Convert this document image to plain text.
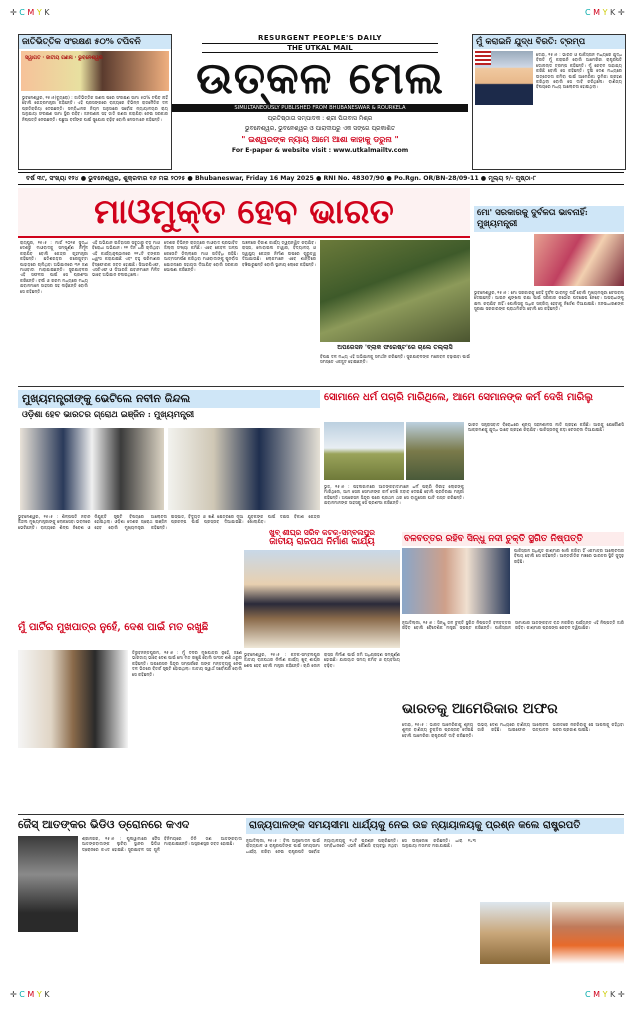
✛ C M Y K	C M Y K ✛
✛ C M Y K	C M Y K ✛
ଜାତିଭିତ୍ତିକ ସଂରକ୍ଷଣ ୫୦% ଟପିବନି
ସ୍ୱାଗତ · ଜାତୀୟ ଗଣନା · ଭୁବନେଶ୍ୱର
ଭୁବନେଶ୍ୱର, ୧୫।୫(ବ୍ୟୁରୋ) : ଜାତିଭିତ୍ତିକ ଗଣନା ପରେ ସଂରକ୍ଷଣ ସୀମା ୫୦% ଟପିବ ନାହିଁ ବୋଲି କେନ୍ଦ୍ରମନ୍ତ୍ରୀ କହିଛନ୍ତି। ଏହି ପ୍ରସଙ୍ଗରେ ରାଜ୍ୟରେ ବିଭିନ୍ନ ରାଜନୈତିକ ଦଳ ପ୍ରତିକ୍ରିୟା ଦେଇଛନ୍ତି। ସମ୍ବିଧାନର ନିୟମ ଅନୁସାରେ ସର୍ବୋଚ୍ଚ ନ୍ୟାୟାଳୟର ରାୟ ଅନୁଯାୟୀ ସଂରକ୍ଷଣ ସୀମା ସ୍ଥିର ରହିବ। ଜନଗଣନା ସହ ଜାତି ଗଣନା କରାଯିବା ନେଇ ସରକାର ନିଷ୍ପତ୍ତି ନେଇଛନ୍ତି। ପଛୁଆ ବର୍ଗଙ୍କ ପାଇଁ ସୁଯୋଗ ବଢ଼ିବ ବୋଲି ନେତାମାନେ କହିଛନ୍ତି।
RESURGENT PEOPLE'S DAILY
THE UTKAL MAIL
ଉତ୍କଳ ମେଲ
SIMULTANEOUSLY PUBLISHED FROM BHUBANESWAR & ROURKELA
ପ୍ରତିଷ୍ଠାତା ସମ୍ପାଦକ : ଶ୍ରୀ ପିତାବାସ ମିଶ୍ର
ଭୁବନେଶ୍ୱର, ଭୁବନେଶ୍ୱର ଓ ପାରାଦୀପରୁ ଏକ ସଙ୍ଗେ ପ୍ରକାଶିତ
" ଇଶ୍ୱରଙ୍କ ନ୍ୟାୟ ଆମେ ଆଶା କାହାକୁ ଡରୁନା "
For E-paper & website visit : www.utkalmailtv.com
ମୁଁ କରାଇନି ଯୁଦ୍ଧ ବିରତି: ଟ୍ରମ୍ପ
ଦୋହା, ୧୫।୫ : ଭାରତ ଓ ପାକିସ୍ତାନ ମଧ୍ୟରେ ଯୁଦ୍ଧ ବିରତି ମୁଁ କରାଇନି ବୋଲି ଆମେରିକା ରାଷ୍ଟ୍ରପତି ଡୋନାଲ୍ଡ ଟ୍ରମ୍ପ କହିଛନ୍ତି। ମୁଁ କେବଳ ସାହାଯ୍ୟ କରିଛି ବୋଲି ସେ କହିଛନ୍ତି। ଦୁଇ ଦେଶ ମଧ୍ୟରେ ଉତ୍ତେଜନା କମିବା ପାଇଁ ଆମେରିକା ଭୂମିକା ଗ୍ରହଣ କରିଥିଲା ବୋଲି ସେ ଦାବି କରିଥିଲେ। ବାଣିଜ୍ୟ ବିଷୟରେ ମଧ୍ୟ ଆଲୋଚନା ହୋଇଥିଲା।
ବର୍ଷ ୩୯, ସଂଖ୍ୟା ୧୨୪ ● ଭୁବନେଶ୍ୱର, ଶୁକ୍ରବାର ୧୬ ମଇ ୨୦୨୫ ● Bhubaneswar, Friday 16 May 2025 ● RNI No. 48307/90 ● Po.Rgn. OR/BN-28/09-11 ● ମୂଲ୍ୟ ୨/- ପୃଷ୍ଠା-୮
ମାଓମୁକ୍ତ ହେବ ଭାରତ
ରାୟପୁର, ୧୫।୫ : ମାର୍ଚ୍ଚ ୨୦୨୬ ସୁଦ୍ଧା ଦେଶରୁ ମାଓବାଦକୁ ସମ୍ପୂର୍ଣ୍ଣ ନିର୍ମୂଳ କରାଯିବ ବୋଲି କେନ୍ଦ୍ର ଗୃହମନ୍ତ୍ରୀ କହିଛନ୍ତି। ଛତିଶଗଡ଼ର କରେଗୁଟ୍ଟା ପାହାଡ଼ରେ ଚାଲିଥିବା ଅଭିଯାନରେ ୩୧ ଜଣ ମାଓବାଦୀ ମାରାଯାଇଛନ୍ତି। ସୁରକ୍ଷାବଳର ଏହି ସଫଳତା ପାଇଁ ସେ ପ୍ରଶଂସା କରିଛନ୍ତି। ବର୍ଷା ଓ ଗରମ ମଧ୍ୟରେ ମଧ୍ୟ ଯବାନମାନେ ସାହସର ସହ ଲଢ଼ିଛନ୍ତି ବୋଲି ସେ କହିଛନ୍ତି।
ଏହି ଅଭିଯାନ ଇତିହାସର ସବୁଠାରୁ ବଡ଼ ମାଓ ବିରୋଧୀ ଅଭିଯାନ। ୨୧ ଦିନ ଧରି ଚାଲିଥିବା ଏହି କାର୍ଯ୍ୟାନୁଷ୍ଠାନରେ ୨୧୪ଟି ବଙ୍କର ଧ୍ୱଂସ କରାଯାଇଛି ଏବଂ ବହୁ ପରିମାଣର ବିସ୍ଫୋରକ ଜବତ ହୋଇଛି। ସିଆରପିଏଫ, ଏସଟିଏଫ ଓ ଡିଆରଜି ଯବାନମାନେ ମିଳିତ ଭାବେ ଅଭିଯାନ ଚଳାଇଥିଲେ।
ଦେଶର ବିଭିନ୍ନ ରାଜ୍ୟରେ ମାଓବାଦ ପ୍ରଭାବିତ ଜିଲ୍ଲା ସଂଖ୍ୟା କମିଛି। ଏବେ କେବଳ ଅଳ୍ପ କେତୋଟି ଜିଲ୍ଲାରେ ମାଓ ଗତିବିଧି ରହିଛି। ଆତ୍ମସମର୍ପଣ କରିଥିବା ମାଓବାଦୀଙ୍କୁ ପୁନର୍ବାସ ଯୋଜନାରେ ସହାୟତା ଦିଆଯିବ ବୋଲି ସରକାର ଘୋଷଣା କରିଛନ୍ତି।
ଅଞ୍ଚଳରେ ବିକାଶ କାର୍ଯ୍ୟ ତ୍ୱରାନ୍ୱିତ କରାଯିବ। ରାସ୍ତା, ମୋବାଇଲ ଟାୱାର, ବିଦ୍ୟାଳୟ ଓ ସ୍ୱାସ୍ଥ୍ୟ କେନ୍ଦ୍ର ନିର୍ମାଣ ଉପରେ ଗୁରୁତ୍ୱ ଦିଆଯାଉଛି। ଲୋକମାନେ ଏବେ ଶାନ୍ତିରେ ବଞ୍ଚିପାରୁଛନ୍ତି ବୋଲି ସ୍ଥାନୀୟ ଲୋକେ କହିଛନ୍ତି।
ଅପରେସନ 'ବ୍ଲାକ ଫରେଷ୍ଟ'ରେ ଚାଲେ ତଲ୍ଲାସି
ବିପକ୍ଷ ଦଳ ମଧ୍ୟ ଏହି ଅଭିଯାନକୁ ସମର୍ଥନ କରିଛନ୍ତି। ସୁରକ୍ଷାବଳଙ୍କ ମନୋବଳ ବଢ଼ାଇବା ପାଇଁ ସମସ୍ତେ ଏକଜୁଟ ହୋଇଛନ୍ତି।
ମୋ' ସରକାରକୁ ଦୁର୍ବଳତା ଭାବନାହିଁ: ମୁଖ୍ୟମନ୍ତ୍ରୀ
ଭୁବନେଶ୍ୱର, ୧୫।୫ : ମୋ ସରକାରକୁ କେହି ଦୁର୍ବଳ ଭାବନ୍ତୁ ନାହିଁ ବୋଲି ମୁଖ୍ୟମନ୍ତ୍ରୀ ଚେତାବନୀ ଦେଇଛନ୍ତି। ଆଇନ ଶୃଙ୍ଖଳା ରକ୍ଷା ପାଇଁ ସରକାର କଠୋର ପଦକ୍ଷେପ ନେବେ। ଅପରାଧୀଙ୍କୁ କ୍ଷମା କରାଯିବ ନାହିଁ। ପୋଲିସକୁ ଅଧିକ ସକ୍ରିୟ ହେବାକୁ ନିର୍ଦ୍ଦେଶ ଦିଆଯାଇଛି। ଜନସାଧାରଣଙ୍କ ସୁରକ୍ଷା ସରକାରଙ୍କ ପ୍ରାଥମିକତା ବୋଲି ସେ କହିଛନ୍ତି।
ମୁଖ୍ୟମନ୍ତ୍ରୀଙ୍କୁ ଭେଟିଲେ ନବୀନ ଜିନ୍ଦଲ
ଓଡ଼ିଶା ହେବ ଭାରତର ଗ୍ରୋଥ ଇଞ୍ଜିନ : ମୁଖ୍ୟମନ୍ତ୍ରୀ
ଭୁବନେଶ୍ୱର, ୧୫।୫ : ଶିଳ୍ପପତି ନବୀନ ଜିନ୍ଦଲ ମୁଖ୍ୟମନ୍ତ୍ରୀଙ୍କୁ ଲୋକସେବା ଭବନରେ ଭେଟିଛନ୍ତି। ରାଜ୍ୟରେ ଶିଳ୍ପ ନିବେଶ ଓ ନିଯୁକ୍ତି ସୃଷ୍ଟି ବିଷୟରେ ଆଲୋଚନା ହୋଇଥିଲା। ଓଡ଼ିଶା ଦେଶର ଗ୍ରୋଥ ଇଞ୍ଜିନ ହେବ ବୋଲି ମୁଖ୍ୟମନ୍ତ୍ରୀ କହିଛନ୍ତି। ଇସ୍ପାତ, ବିଦ୍ୟୁତ ଓ ଖଣି କ୍ଷେତ୍ରରେ ନୂଆ ପ୍ରକଳ୍ପ ପାଇଁ ପ୍ରସ୍ତାବ ଦିଆଯାଇଛି। ଯୁବକଙ୍କ ପାଇଁ ଦକ୍ଷତା ବିକାଶ କେନ୍ଦ୍ର ଖୋଲାଯିବ।
ସୋମାନେ ଧର୍ମ ପଚାରି ମାରିଥିଲେ, ଆମେ ସେମାନଙ୍କ କର୍ମ ଦେଖି ମାରିଲୁ
ଭୁଜ, ୧୫।୫ : ପହଲଗାମରେ ଆତଙ୍କବାଦୀମାନେ ଧର୍ମ ପଚାରି ନିରୀହ ଲୋକଙ୍କୁ ମାରିଥିଲେ, ଆମ ସେନା ସେମାନଙ୍କ କର୍ମ ଦେଖି ଜବାବ ଦେଇଛି ବୋଲି ପ୍ରତିରକ୍ଷା ମନ୍ତ୍ରୀ କହିଛନ୍ତି। ଅପରେସନ ସିନ୍ଦୂର ପରେ ପ୍ରଥମ ଥର ସେ ବାୟୁସେନା ଘାଟି ଗସ୍ତ କରିଛନ୍ତି। ଯବାନମାନଙ୍କ ସାହସକୁ ସେ ପ୍ରଶଂସା କରିଛନ୍ତି।
ଭାରତ ସନ୍ତ୍ରାସବାଦ ବିରୋଧରେ ଶୂନ୍ୟ ସହନଶୀଳତା ନୀତି ଗ୍ରହଣ କରିଛି। ଆଗକୁ ଯେକୌଣସି ଆକ୍ରମଣକୁ ଯୁଦ୍ଧ ଭାବେ ଗ୍ରହଣ କରାଯିବ। ପାକିସ୍ତାନକୁ କଡ଼ା ଚେତାବନୀ ଦିଆଯାଇଛି।
ଖୁବ୍ ଶୀଘ୍ର ସରିବ କଟକ-ସମ୍ବଲପୁର
ଜାତୀୟ ରାଜପଥ ନିର୍ମାଣ କାର୍ଯ୍ୟ	ବଳବତ୍ତର ରହିବ ସିନ୍ଧୁ ନଦୀ ଚୁକ୍ତି ସ୍ଥଗିତ ନିଷ୍ପତ୍ତି
ପାକିସ୍ତାନ ଅଧିକୃତ କାଶ୍ମୀର ଖାଲି କରିବା ହିଁ ଏକମାତ୍ର ଆଲୋଚନାର ବିଷୟ ବୋଲି ସେ କହିଛନ୍ତି। ଆନ୍ତର୍ଜାତିକ ମଞ୍ଚରେ ଭାରତର ସ୍ଥିତି ସୁଦୃଢ଼ ରହିଛି।
ନୂଆଦିଲ୍ଲୀ, ୧୫।୫ : ସିନ୍ଧୁ ଜଳ ଚୁକ୍ତି ସ୍ଥଗିତ ନିଷ୍ପତ୍ତି ବଳବତ୍ତର ରହିବ ବୋଲି ବୈଦେଶିକ ମନ୍ତ୍ରୀ ସ୍ପଷ୍ଟ କରିଛନ୍ତି। ପାକିସ୍ତାନ ସୀମାପାର ଆତଙ୍କବାଦ ବନ୍ଦ ନକରିବା ପର୍ଯ୍ୟନ୍ତ ଏହି ନିଷ୍ପତ୍ତି ଜାରି ରହିବ। କାଶ୍ମୀର ପ୍ରସଙ୍ଗ କେବଳ ଦ୍ୱିପାକ୍ଷିକ।
ମୁଁ ପାର୍ଟିର ମୁଖପାତ୍ର ନୁହେଁ, ଦେଶ ପାଇଁ ମତ ରଖୁଛି
ତିରୁବନନ୍ତପୁରମ, ୧୫।୫ : ମୁଁ ଦଳର ମୁଖପାତ୍ର ନୁହେଁ, ଜଣେ ଭାରତୀୟ ଭାବେ ଦେଶ ପାଇଁ ମୋ ମତ ରଖୁଛି ବୋଲି ସାଂସଦ ଶଶି ଥରୁର କହିଛନ୍ତି। ଅପରେସନ ସିନ୍ଦୂର ସମ୍ପର୍କରେ ତାଙ୍କ ମନ୍ତବ୍ୟକୁ ନେଇ ଦଳ ଭିତରେ ବିତର୍କ ସୃଷ୍ଟି ହୋଇଥିଲା। ଜାତୀୟ ସ୍ୱାର୍ଥ ସର୍ବୋପରି ବୋଲି ସେ କହିଛନ୍ତି।
ଭାରତକୁ ଆମେରିକାର ଅଫର
ଦୋହା, ୧୫।୫ : ଭାରତ ଆମେରିକାକୁ ଶୂନ୍ୟ ଶୁଳ୍କ ବାଣିଜ୍ୟ ଚୁକ୍ତିର ପ୍ରସ୍ତାବ ଦେଇଛି ବୋଲି ଆମେରିକା ରାଷ୍ଟ୍ରପତି ଦାବି କରିଛନ୍ତି। ଉଭୟ ଦେଶ ମଧ୍ୟରେ ବାଣିଜ୍ୟ ଆଲୋଚନା ଜାରି ରହିଛି। ଆଇଫୋନ ଉତ୍ପାଦନ ଭାରତରେ ନକରିବାକୁ ସେ ଆପଲକୁ କହିଥିବା ଖବର ପ୍ରକାଶ ପାଇଛି।
ଭୁବନେଶ୍ୱର, ୧୫।୫ : କଟକ-ସମ୍ବଲପୁର ଜାତୀୟ ରାଜପଥର ନିର୍ମାଣ କାର୍ଯ୍ୟ ଖୁବ୍ ଶୀଘ୍ର ଶେଷ ହେବ ବୋଲି ମନ୍ତ୍ରୀ କହିଛନ୍ତି। ଚାରି ଲେନ ରାସ୍ତା ନିର୍ମାଣ ପାଇଁ ଜମି ଅଧିଗ୍ରହଣ ସମ୍ପୂର୍ଣ୍ଣ ହୋଇଛି। ଯାତାୟାତ ସମୟ କମିବ ଓ ବ୍ୟବସାୟ ବଢ଼ିବ।
ଜୈସ୍ ଆତଙ୍କର ଭିଡିଓ ଡ୍ରୋନରେ କଏଦ
ଶ୍ରୀନଗର, ୧୫।୫ : ପୁଲୱାମାରେ ଜୈସ ଆତଙ୍କବାଦୀଙ୍କ ଲୁଚିବା ସ୍ଥାନର ଭିଡିଓ ଡ୍ରୋନରେ କଏଦ ହୋଇଛି। ସୁରକ୍ଷାବଳ ସହ ଗୁଳି ବିନିମୟରେ ତିନି ଜଣ ଆତଙ୍କବାଦୀ ମାରାଯାଇଛନ୍ତି। ଅସ୍ତ୍ରଶସ୍ତ୍ର ଜବତ ହୋଇଛି।
ରାଜ୍ୟପାଳଙ୍କ ସମୟସୀମା ଧାର୍ଯ୍ୟକୁ ନେଇ ଉଚ୍ଚ ନ୍ୟାୟାଳୟକୁ ପ୍ରଶ୍ନ କଲେ ରାଷ୍ଟ୍ରପତି
ନୂଆଦିଲ୍ଲୀ, ୧୫।୫ : ବିଲ ଅନୁମୋଦନ ପାଇଁ ରାଜ୍ୟପାଳ ଓ ରାଷ୍ଟ୍ରପତିଙ୍କ ପାଇଁ ସମୟସୀମା ଧାର୍ଯ୍ୟ କରିବା ନେଇ ରାଷ୍ଟ୍ରପତି ସର୍ବୋଚ୍ଚ ନ୍ୟାୟାଳୟକୁ ୧୪ଟି ପ୍ରଶ୍ନ ପଚାରିଛନ୍ତି। ସମ୍ବିଧାନରେ ଏଭଳି କୌଣସି ବ୍ୟବସ୍ଥା ନଥିବା ସେ ଉଲ୍ଲେଖ କରିଛନ୍ତି। ଧାରା ୧୪୩ ଅନୁଯାୟୀ ମତାମତ ମଗାଯାଇଛି।
